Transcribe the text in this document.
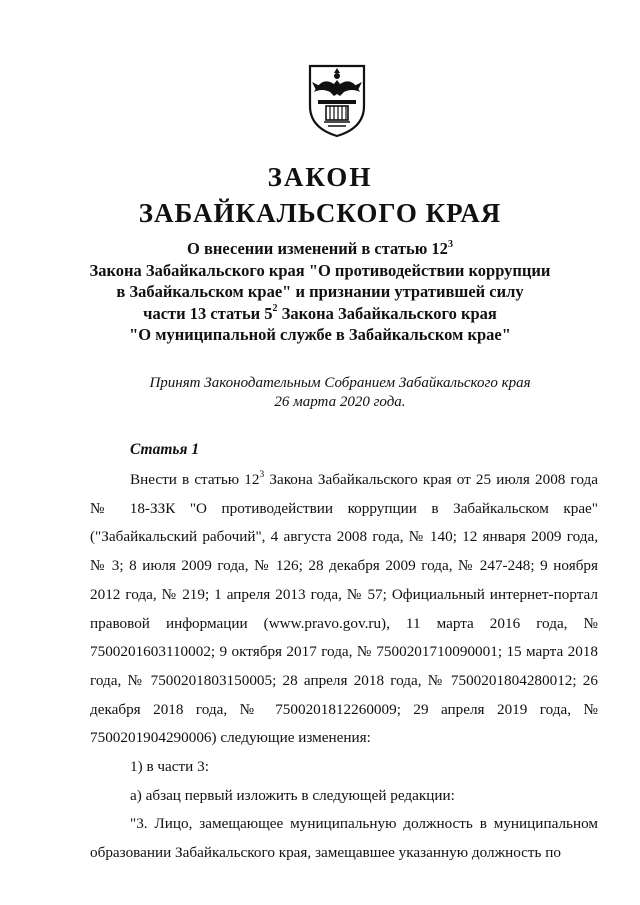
ЗАКОН
ЗАБАЙКАЛЬСКОГО КРАЯ
О внесении изменений в статью $12^3$
Закона Забайкальского края "О противодействии коррупции
в Забайкальском крае" и признании утратившей силу
части 13 статьи $5^2$ Закона Забайкальского края
"О муниципальной службе в Забайкальском крае"
Принят Законодательным Собранием Забайкальского края
26 марта 2020 года.
Статья 1

Внести в статью $12^3$ Закона Забайкальского края от 25 июля 2008 года № 18-ЗЗК "О противодействии коррупции в Забайкальском крае" ("Забайкальский рабочий", 4 августа 2008 года, № 140; 12 января 2009 года, № 3; 8 июля 2009 года, № 126; 28 декабря 2009 года, № 247-248; 9 ноября 2012 года, № 219; 1 апреля 2013 года, № 57; Официальный интернет-портал правовой информации (www.pravo.gov.ru), 11 марта 2016 года, № 7500201603110002; 9 октября 2017 года, № 7500201710090001; 15 марта 2018 года, № 7500201803150005; 28 апреля 2018 года, № 7500201804280012; 26 декабря 2018 года, № 7500201812260009; 29 апреля 2019 года, № 7500201904290006) следующие изменения:

1) в части 3:

а) абзац первый изложить в следующей редакции:

"3. Лицо, замещающее муниципальную должность в муниципальном образовании Забайкальского края, замещавшее указанную должность по
